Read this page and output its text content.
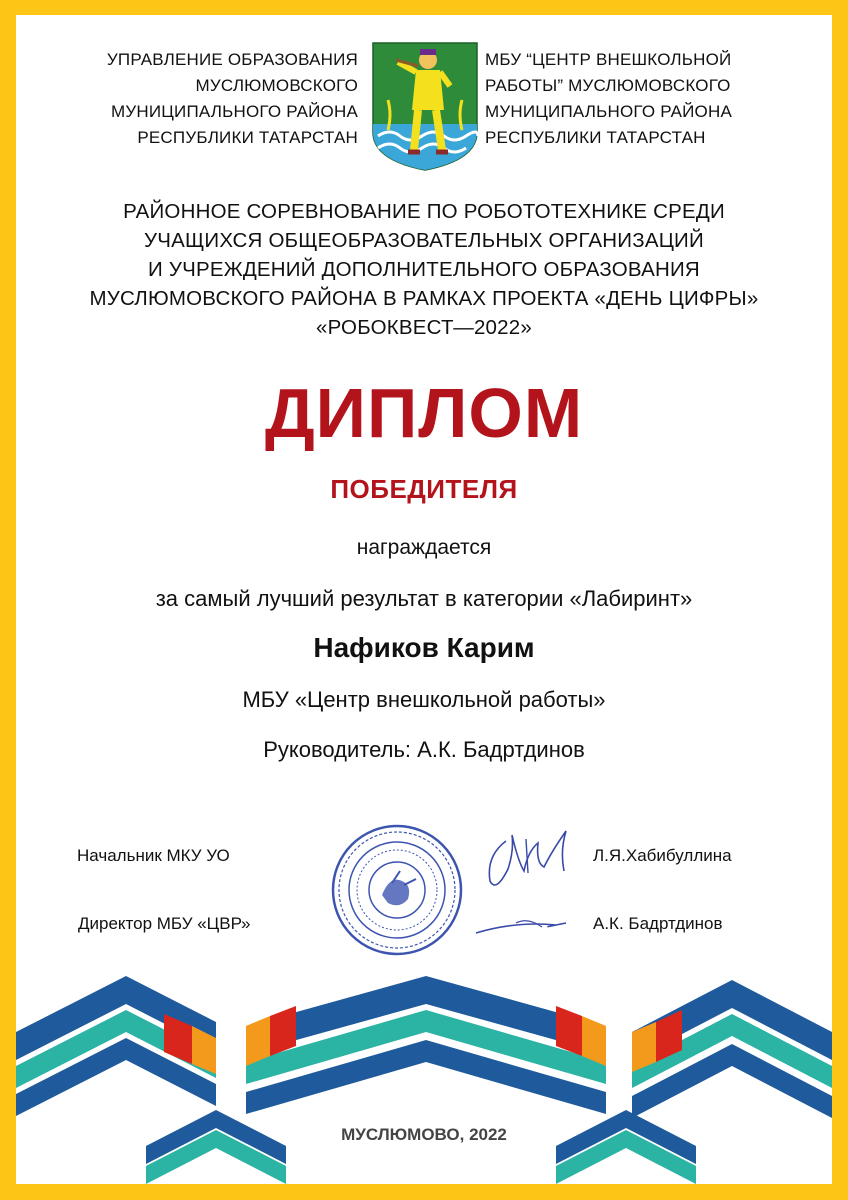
УПРАВЛЕНИЕ ОБРАЗОВАНИЯ
МУСЛЮМОВСКОГО
МУНИЦИПАЛЬНОГО РАЙОНА
РЕСПУБЛИКИ ТАТАРСТАН
МБУ “ЦЕНТР ВНЕШКОЛЬНОЙ
РАБОТЫ” МУСЛЮМОВСКОГО
МУНИЦИПАЛЬНОГО РАЙОНА
РЕСПУБЛИКИ ТАТАРСТАН
РАЙОННОЕ СОРЕВНОВАНИЕ ПО РОБОТОТЕХНИКЕ СРЕДИ
УЧАЩИХСЯ ОБЩЕОБРАЗОВАТЕЛЬНЫХ ОРГАНИЗАЦИЙ
И УЧРЕЖДЕНИЙ ДОПОЛНИТЕЛЬНОГО ОБРАЗОВАНИЯ
МУСЛЮМОВСКОГО РАЙОНА В РАМКАХ ПРОЕКТА «ДЕНЬ ЦИФРЫ»
«РОБОКВЕСТ—2022»
ДИПЛОМ
ПОБЕДИТЕЛЯ
награждается
за самый лучший результат в категории «Лабиринт»
Нафиков Карим
МБУ «Центр внешкольной работы»
Руководитель: А.К. Бадртдинов
Начальник МКУ УО
Директор МБУ «ЦВР»
Л.Я.Хабибуллина
А.К. Бадртдинов
МУСЛЮМОВО, 2022
